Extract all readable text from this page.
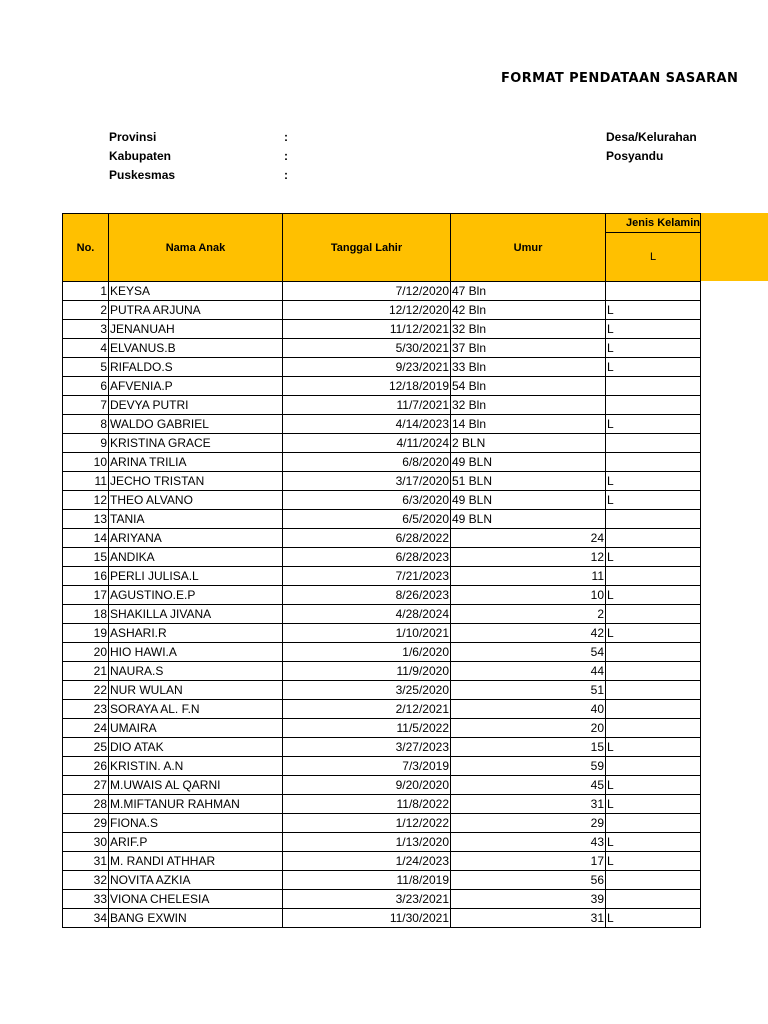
FORMAT PENDATAAN SASARAN
Provinsi	:
Kabupaten	:
Puskesmas	:
Desa/Kelurahan
Posyandu
No.	Nama Anak	Tanggal Lahir	Umur	Jenis Kelamin
				L
1	KEYSA	7/12/2020	47 Bln	
2	PUTRA ARJUNA	12/12/2020	42 Bln	L
3	JENANUAH	11/12/2021	32 Bln	L
4	ELVANUS.B	5/30/2021	37 Bln	L
5	RIFALDO.S	9/23/2021	33 Bln	L
6	AFVENIA.P	12/18/2019	54 Bln	
7	DEVYA PUTRI	11/7/2021	32 Bln	
8	WALDO GABRIEL	4/14/2023	14 Bln	L
9	KRISTINA GRACE	4/11/2024	2 BLN	
10	ARINA TRILIA	6/8/2020	49 BLN	
11	JECHO TRISTAN	3/17/2020	51 BLN	L
12	THEO ALVANO	6/3/2020	49 BLN	L
13	TANIA	6/5/2020	49 BLN	
14	ARIYANA	6/28/2022	24	
15	ANDIKA	6/28/2023	12	L
16	PERLI JULISA.L	7/21/2023	11	
17	AGUSTINO.E.P	8/26/2023	10	L
18	SHAKILLA JIVANA	4/28/2024	2	
19	ASHARI.R	1/10/2021	42	L
20	HIO HAWI.A	1/6/2020	54	
21	NAURA.S	11/9/2020	44	
22	NUR WULAN	3/25/2020	51	
23	SORAYA AL. F.N	2/12/2021	40	
24	UMAIRA	11/5/2022	20	
25	DIO ATAK	3/27/2023	15	L
26	KRISTIN. A.N	7/3/2019	59	
27	M.UWAIS AL QARNI	9/20/2020	45	L
28	M.MIFTANUR RAHMAN	11/8/2022	31	L
29	FIONA.S	1/12/2022	29	
30	ARIF.P	1/13/2020	43	L
31	M. RANDI ATHHAR	1/24/2023	17	L
32	NOVITA AZKIA	11/8/2019	56	
33	VIONA CHELESIA	3/23/2021	39	
34	BANG EXWIN	11/30/2021	31	L
